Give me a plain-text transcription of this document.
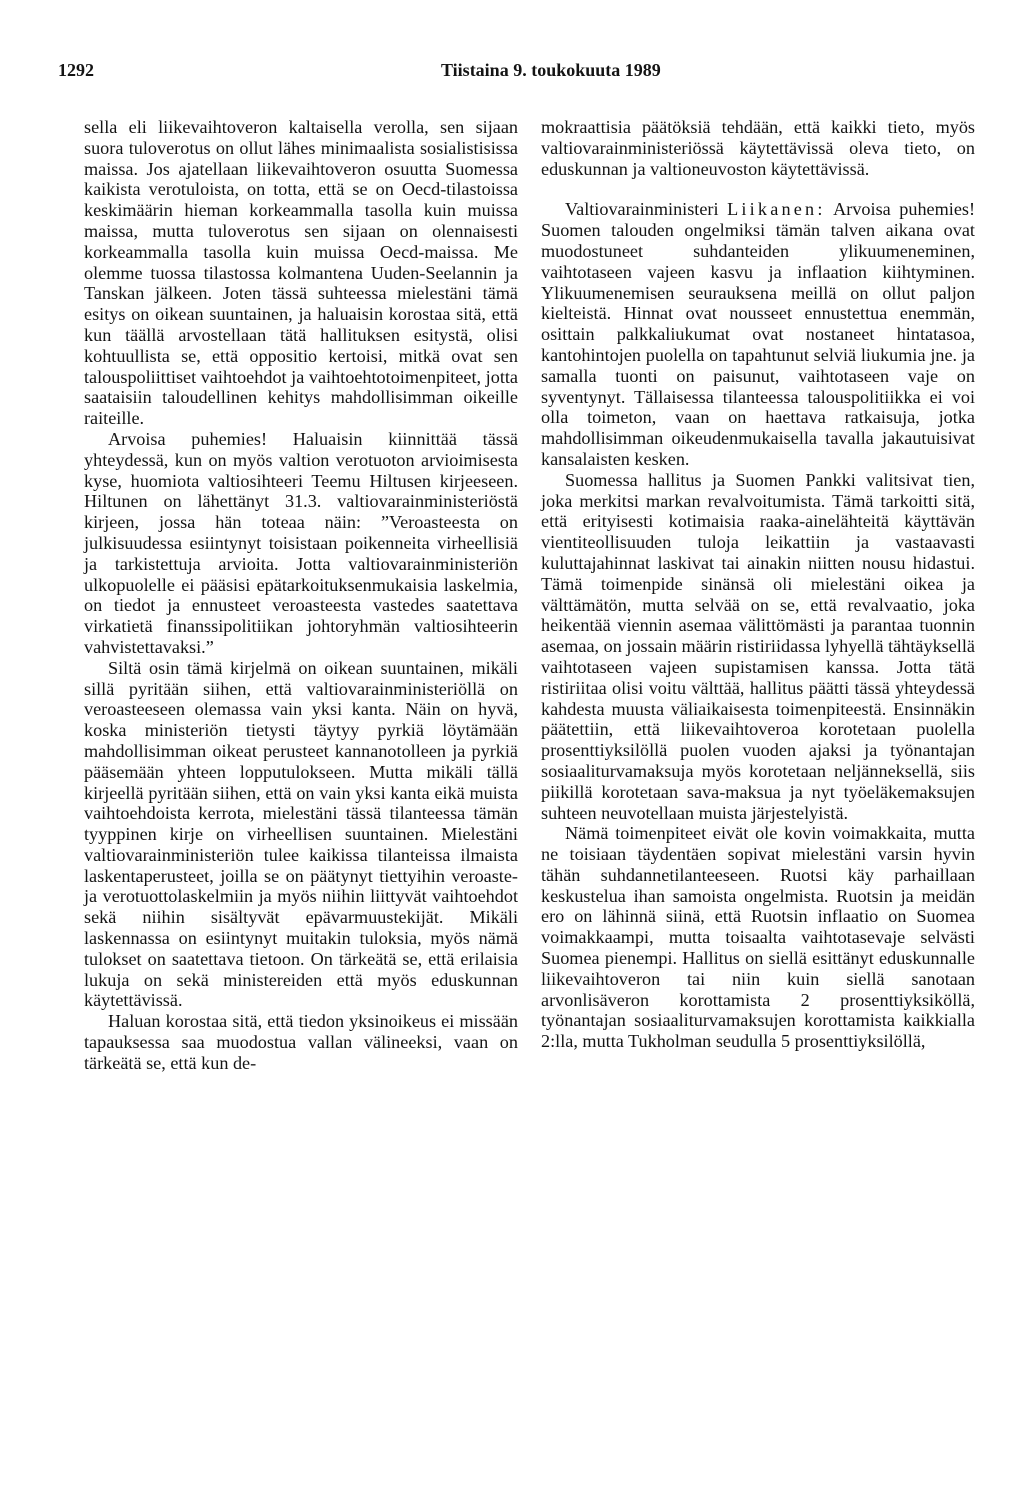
1292	Tiistaina 9. toukokuuta 1989

sella eli liikevaihtoveron kaltaisella verolla, sen sijaan suora tuloverotus on ollut lähes minimaalista sosialistisissa maissa. Jos ajatellaan liikevaihtoveron osuutta Suomessa kaikista verotuloista, on totta, että se on Oecd-tilastoissa keskimäärin hieman korkeammalla tasolla kuin muissa maissa, mutta tuloverotus sen sijaan on olennaisesti korkeammalla tasolla kuin muissa Oecd-maissa. Me olemme tuossa tilastossa kolmantena Uuden-Seelannin ja Tanskan jälkeen. Joten tässä suhteessa mielestäni tämä esitys on oikean suuntainen, ja haluaisin korostaa sitä, että kun täällä arvostellaan tätä hallituksen esitystä, olisi kohtuullista se, että oppositio kertoisi, mitkä ovat sen talouspoliittiset vaihtoehdot ja vaihtoehtotoimenpiteet, jotta saataisiin taloudellinen kehitys mahdollisimman oikeille raiteille.

Arvoisa puhemies! Haluaisin kiinnittää tässä yhteydessä, kun on myös valtion verotuoton arvioimisesta kyse, huomiota valtiosihteeri Teemu Hiltusen kirjeeseen. Hiltunen on lähettänyt 31.3. valtiovarainministeriöstä kirjeen, jossa hän toteaa näin: ”Veroasteesta on julkisuudessa esiintynyt toisistaan poikenneita virheellisiä ja tarkistettuja arvioita. Jotta valtiovarainministeriön ulkopuolelle ei pääsisi epätarkoituksenmukaisia laskelmia, on tiedot ja ennusteet veroasteesta vastedes saatettava virkatietä finanssipolitiikan johtoryhmän valtiosihteerin vahvistettavaksi.”

Siltä osin tämä kirjelmä on oikean suuntainen, mikäli sillä pyritään siihen, että valtiovarainministeriöllä on veroasteeseen olemassa vain yksi kanta. Näin on hyvä, koska ministeriön tietysti täytyy pyrkiä löytämään mahdollisimman oikeat perusteet kannanotolleen ja pyrkiä pääsemään yhteen lopputulokseen. Mutta mikäli tällä kirjeellä pyritään siihen, että on vain yksi kanta eikä muista vaihtoehdoista kerrota, mielestäni tässä tilanteessa tämän tyyppinen kirje on virheellisen suuntainen. Mielestäni valtiovarainministeriön tulee kaikissa tilanteissa ilmaista laskentaperusteet, joilla se on päätynyt tiettyihin veroaste- ja verotuottolaskelmiin ja myös niihin liittyvät vaihtoehdot sekä niihin sisältyvät epävarmuustekijät. Mikäli laskennassa on esiintynyt muitakin tuloksia, myös nämä tulokset on saatettava tietoon. On tärkeätä se, että erilaisia lukuja on sekä ministereiden että myös eduskunnan käytettävissä.

Haluan korostaa sitä, että tiedon yksinoikeus ei missään tapauksessa saa muodostua vallan välineeksi, vaan on tärkeätä se, että kun de-

mokraattisia päätöksiä tehdään, että kaikki tieto, myös valtiovarainministeriössä käytettävissä oleva tieto, on eduskunnan ja valtioneuvoston käytettävissä.

Valtiovarainministeri Liikanen: Arvoisa puhemies! Suomen talouden ongelmiksi tämän talven aikana ovat muodostuneet suhdanteiden ylikuumeneminen, vaihtotaseen vajeen kasvu ja inflaation kiihtyminen. Ylikuumenemisen seurauksena meillä on ollut paljon kielteistä. Hinnat ovat nousseet ennustettua enemmän, osittain palkkaliukumat ovat nostaneet hintatasoa, kantohintojen puolella on tapahtunut selviä liukumia jne. ja samalla tuonti on paisunut, vaihtotaseen vaje on syventynyt. Tällaisessa tilanteessa talouspolitiikka ei voi olla toimeton, vaan on haettava ratkaisuja, jotka mahdollisimman oikeudenmukaisella tavalla jakautuisivat kansalaisten kesken.

Suomessa hallitus ja Suomen Pankki valitsivat tien, joka merkitsi markan revalvoitumista. Tämä tarkoitti sitä, että erityisesti kotimaisia raaka-ainelähteitä käyttävän vientiteollisuuden tuloja leikattiin ja vastaavasti kuluttajahinnat laskivat tai ainakin niitten nousu hidastui. Tämä toimenpide sinänsä oli mielestäni oikea ja välttämätön, mutta selvää on se, että revalvaatio, joka heikentää viennin asemaa välittömästi ja parantaa tuonnin asemaa, on jossain määrin ristiriidassa lyhyellä tähtäyksellä vaihtotaseen vajeen supistamisen kanssa. Jotta tätä ristiriitaa olisi voitu välttää, hallitus päätti tässä yhteydessä kahdesta muusta väliaikaisesta toimenpiteestä. Ensinnäkin päätettiin, että liikevaihtoveroa korotetaan puolella prosenttiyksilöllä puolen vuoden ajaksi ja työnantajan sosiaaliturvamaksuja myös korotetaan neljänneksellä, siis piikillä korotetaan sava-maksua ja nyt työeläkemaksujen suhteen neuvotellaan muista järjestelyistä.

Nämä toimenpiteet eivät ole kovin voimakkaita, mutta ne toisiaan täydentäen sopivat mielestäni varsin hyvin tähän suhdannetilanteeseen. Ruotsi käy parhaillaan keskustelua ihan samoista ongelmista. Ruotsin ja meidän ero on lähinnä siinä, että Ruotsin inflaatio on Suomea voimakkaampi, mutta toisaalta vaihtotasevaje selvästi Suomea pienempi. Hallitus on siellä esittänyt eduskunnalle liikevaihtoveron tai niin kuin siellä sanotaan arvonlisäveron korottamista 2 prosenttiyksiköllä, työnantajan sosiaaliturvamaksujen korottamista kaikkialla 2:lla, mutta Tukholman seudulla 5 prosenttiyksilöllä,
